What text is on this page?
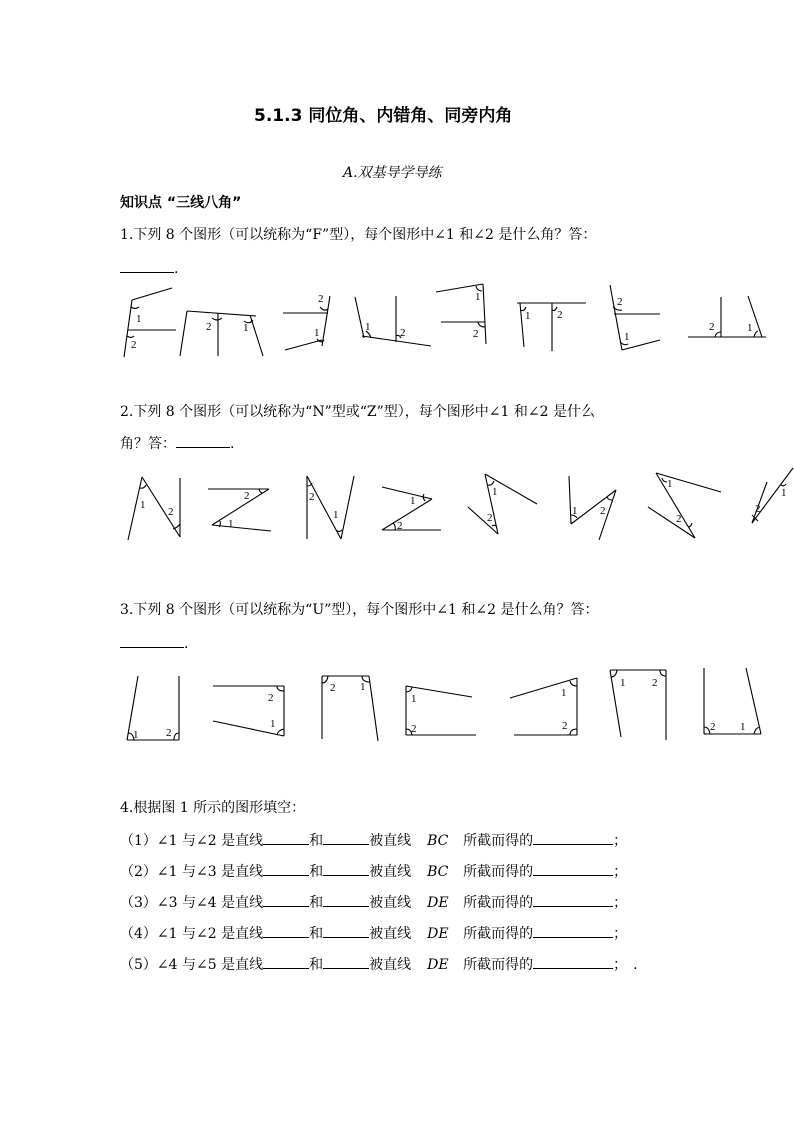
5.1.3 同位角、内错角、同旁内角
A.双基导学导练
知识点 “三线八角”
1.下列 8 个图形（可以统称为“F”型），每个图形中∠1 和∠2 是什么角？答：
.
2.下列 8 个图形（可以统称为“N”型或“Z”型），每个图形中∠1 和∠2 是什么
角？答：	.
3.下列 8 个图形（可以统称为“U”型），每个图形中∠1 和∠2 是什么角？答：
.
4.根据图 1 所示的图形填空：
（1）∠1 与∠2 是直线	和	被直线 BC 所截而得的	；
（2）∠1 与∠3 是直线	和	被直线 BC 所截而得的	；
（3）∠3 与∠4 是直线	和	被直线 DE 所截而得的	；
（4）∠1 与∠2 是直线	和	被直线 DE 所截而得的	；
（5）∠4 与∠5 是直线	和	被直线 DE 所截而得的	； .
1
2
2	1
2
1	1	2
1
2
1 2
2
1
2	1
1
2
2
1
2
1
1
2
1
2
1 2
1
2
2
1
1	2
2
1
2 1
1
2
1
2
1 2
2 1
